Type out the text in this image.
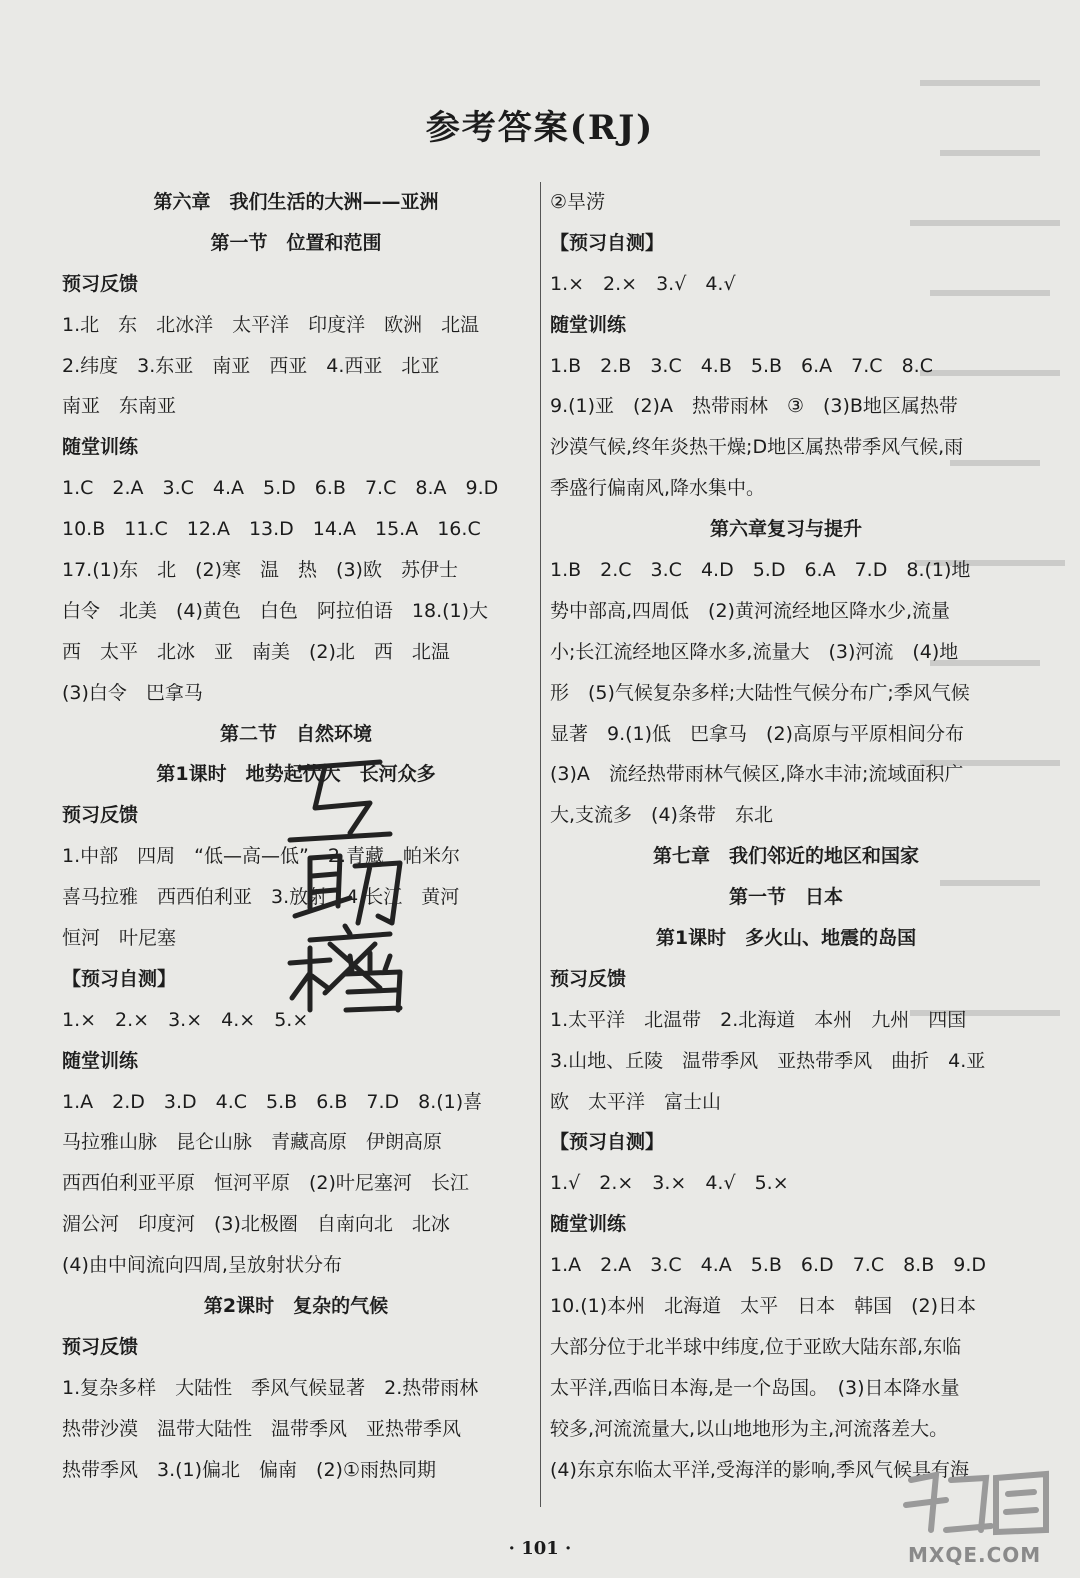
参考答案(RJ)
第六章　我们生活的大洲——亚洲
第一节　位置和范围
预习反馈
1.北　东　北冰洋　太平洋　印度洋　欧洲　北温
2.纬度　3.东亚　南亚　西亚　4.西亚　北亚
南亚　东南亚
随堂训练
1.C　2.A　3.C　4.A　5.D　6.B　7.C　8.A　9.D
10.B　11.C　12.A　13.D　14.A　15.A　16.C
17.(1)东　北　(2)寒　温　热　(3)欧　苏伊士
白令　北美　(4)黄色　白色　阿拉伯语　18.(1)大
西　太平　北冰　亚　南美　(2)北　西　北温
(3)白令　巴拿马
第二节　自然环境
第1课时　地势起伏大　长河众多
预习反馈
1.中部　四周　“低—高—低”　2.青藏　帕米尔
喜马拉雅　西西伯利亚　3.放射　4.长江　黄河
恒河　叶尼塞
【预习自测】
1.×　2.×　3.×　4.×　5.×
随堂训练
1.A　2.D　3.D　4.C　5.B　6.B　7.D　8.(1)喜
马拉雅山脉　昆仑山脉　青藏高原　伊朗高原
西西伯利亚平原　恒河平原　(2)叶尼塞河　长江
湄公河　印度河　(3)北极圈　自南向北　北冰
(4)由中间流向四周,呈放射状分布
第2课时　复杂的气候
预习反馈
1.复杂多样　大陆性　季风气候显著　2.热带雨林
热带沙漠　温带大陆性　温带季风　亚热带季风
热带季风　3.(1)偏北　偏南　(2)①雨热同期
②旱涝
【预习自测】
1.×　2.×　3.√　4.√
随堂训练
1.B　2.B　3.C　4.B　5.B　6.A　7.C　8.C
9.(1)亚　(2)A　热带雨林　③　(3)B地区属热带
沙漠气候,终年炎热干燥;D地区属热带季风气候,雨
季盛行偏南风,降水集中。
第六章复习与提升
1.B　2.C　3.C　4.D　5.D　6.A　7.D　8.(1)地
势中部高,四周低　(2)黄河流经地区降水少,流量
小;长江流经地区降水多,流量大　(3)河流　(4)地
形　(5)气候复杂多样;大陆性气候分布广;季风气候
显著　9.(1)低　巴拿马　(2)高原与平原相间分布
(3)A　流经热带雨林气候区,降水丰沛;流域面积广
大,支流多　(4)条带　东北
第七章　我们邻近的地区和国家
第一节　日本
第1课时　多火山、地震的岛国
预习反馈
1.太平洋　北温带　2.北海道　本州　九州　四国
3.山地、丘陵　温带季风　亚热带季风　曲折　4.亚
欧　太平洋　富士山
【预习自测】
1.√　2.×　3.×　4.√　5.×
随堂训练
1.A　2.A　3.C　4.A　5.B　6.D　7.C　8.B　9.D
10.(1)本州　北海道　太平　日本　韩国　(2)日本
大部分位于北半球中纬度,位于亚欧大陆东部,东临
太平洋,西临日本海,是一个岛国。　(3)日本降水量
较多,河流流量大,以山地地形为主,河流落差大。
(4)东京东临太平洋,受海洋的影响,季风气候具有海
· 101 ·	MXQE.COM
